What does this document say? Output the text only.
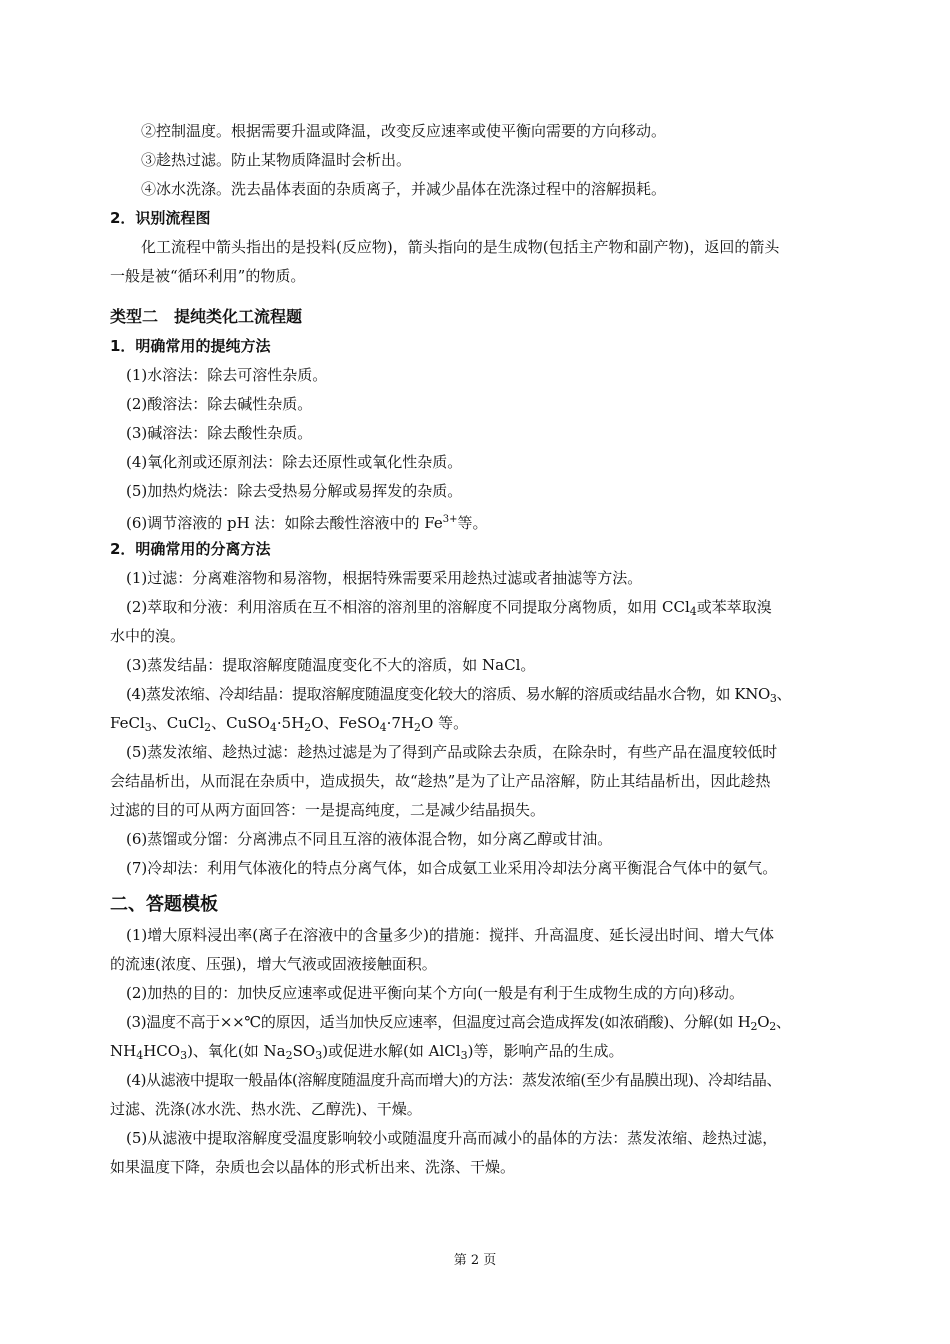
②控制温度。根据需要升温或降温，改变反应速率或使平衡向需要的方向移动。
③趁热过滤。防止某物质降温时会析出。
④冰水洗涤。洗去晶体表面的杂质离子，并减少晶体在洗涤过程中的溶解损耗。
2．识别流程图
化工流程中箭头指出的是投料(反应物)，箭头指向的是生成物(包括主产物和副产物)，返回的箭头
一般是被“循环利用”的物质。
类型二　提纯类化工流程题
1．明确常用的提纯方法
(1)水溶法：除去可溶性杂质。
(2)酸溶法：除去碱性杂质。
(3)碱溶法：除去酸性杂质。
(4)氧化剂或还原剂法：除去还原性或氧化性杂质。
(5)加热灼烧法：除去受热易分解或易挥发的杂质。
(6)调节溶液的 pH 法：如除去酸性溶液中的 $Fe^{3+}$等。
2．明确常用的分离方法
(1)过滤：分离难溶物和易溶物，根据特殊需要采用趁热过滤或者抽滤等方法。
(2)萃取和分液：利用溶质在互不相溶的溶剂里的溶解度不同提取分离物质，如用 CCl$_4$或苯萃取溴
水中的溴。
(3)蒸发结晶：提取溶解度随温度变化不大的溶质，如 NaCl。
(4)蒸发浓缩、冷却结晶：提取溶解度随温度变化较大的溶质、易水解的溶质或结晶水合物，如 $KNO_3$、
FeCl$_3$、CuCl$_2$、$CuSO_4\cdot 5H_2O$、$FeSO_4\cdot 7H_2O$ 等。
(5)蒸发浓缩、趁热过滤：趁热过滤是为了得到产品或除去杂质，在除杂时，有些产品在温度较低时
会结晶析出，从而混在杂质中，造成损失，故“趁热”是为了让产品溶解，防止其结晶析出，因此趁热
过滤的目的可从两方面回答：一是提高纯度，二是减少结晶损失。
(6)蒸馏或分馏：分离沸点不同且互溶的液体混合物，如分离乙醇或甘油。
(7)冷却法：利用气体液化的特点分离气体，如合成氨工业采用冷却法分离平衡混合气体中的氨气。
二、答题模板
(1)增大原料浸出率(离子在溶液中的含量多少)的措施：搅拌、升高温度、延长浸出时间、增大气体
的流速(浓度、压强)，增大气液或固液接触面积。
(2)加热的目的：加快反应速率或促进平衡向某个方向(一般是有利于生成物生成的方向)移动。
(3)温度不高于××℃的原因，适当加快反应速率，但温度过高会造成挥发(如浓硝酸)、分解(如 $H_2O_2$、
$NH_4HCO_3$)、氧化(如 $Na_2SO_3$)或促进水解(如 AlCl$_3$)等，影响产品的生成。
(4)从滤液中提取一般晶体(溶解度随温度升高而增大)的方法：蒸发浓缩(至少有晶膜出现)、冷却结晶、
过滤、洗涤(冰水洗、热水洗、乙醇洗)、干燥。
(5)从滤液中提取溶解度受温度影响较小或随温度升高而减小的晶体的方法：蒸发浓缩、趁热过滤，
如果温度下降，杂质也会以晶体的形式析出来、洗涤、干燥。
第 2 页
